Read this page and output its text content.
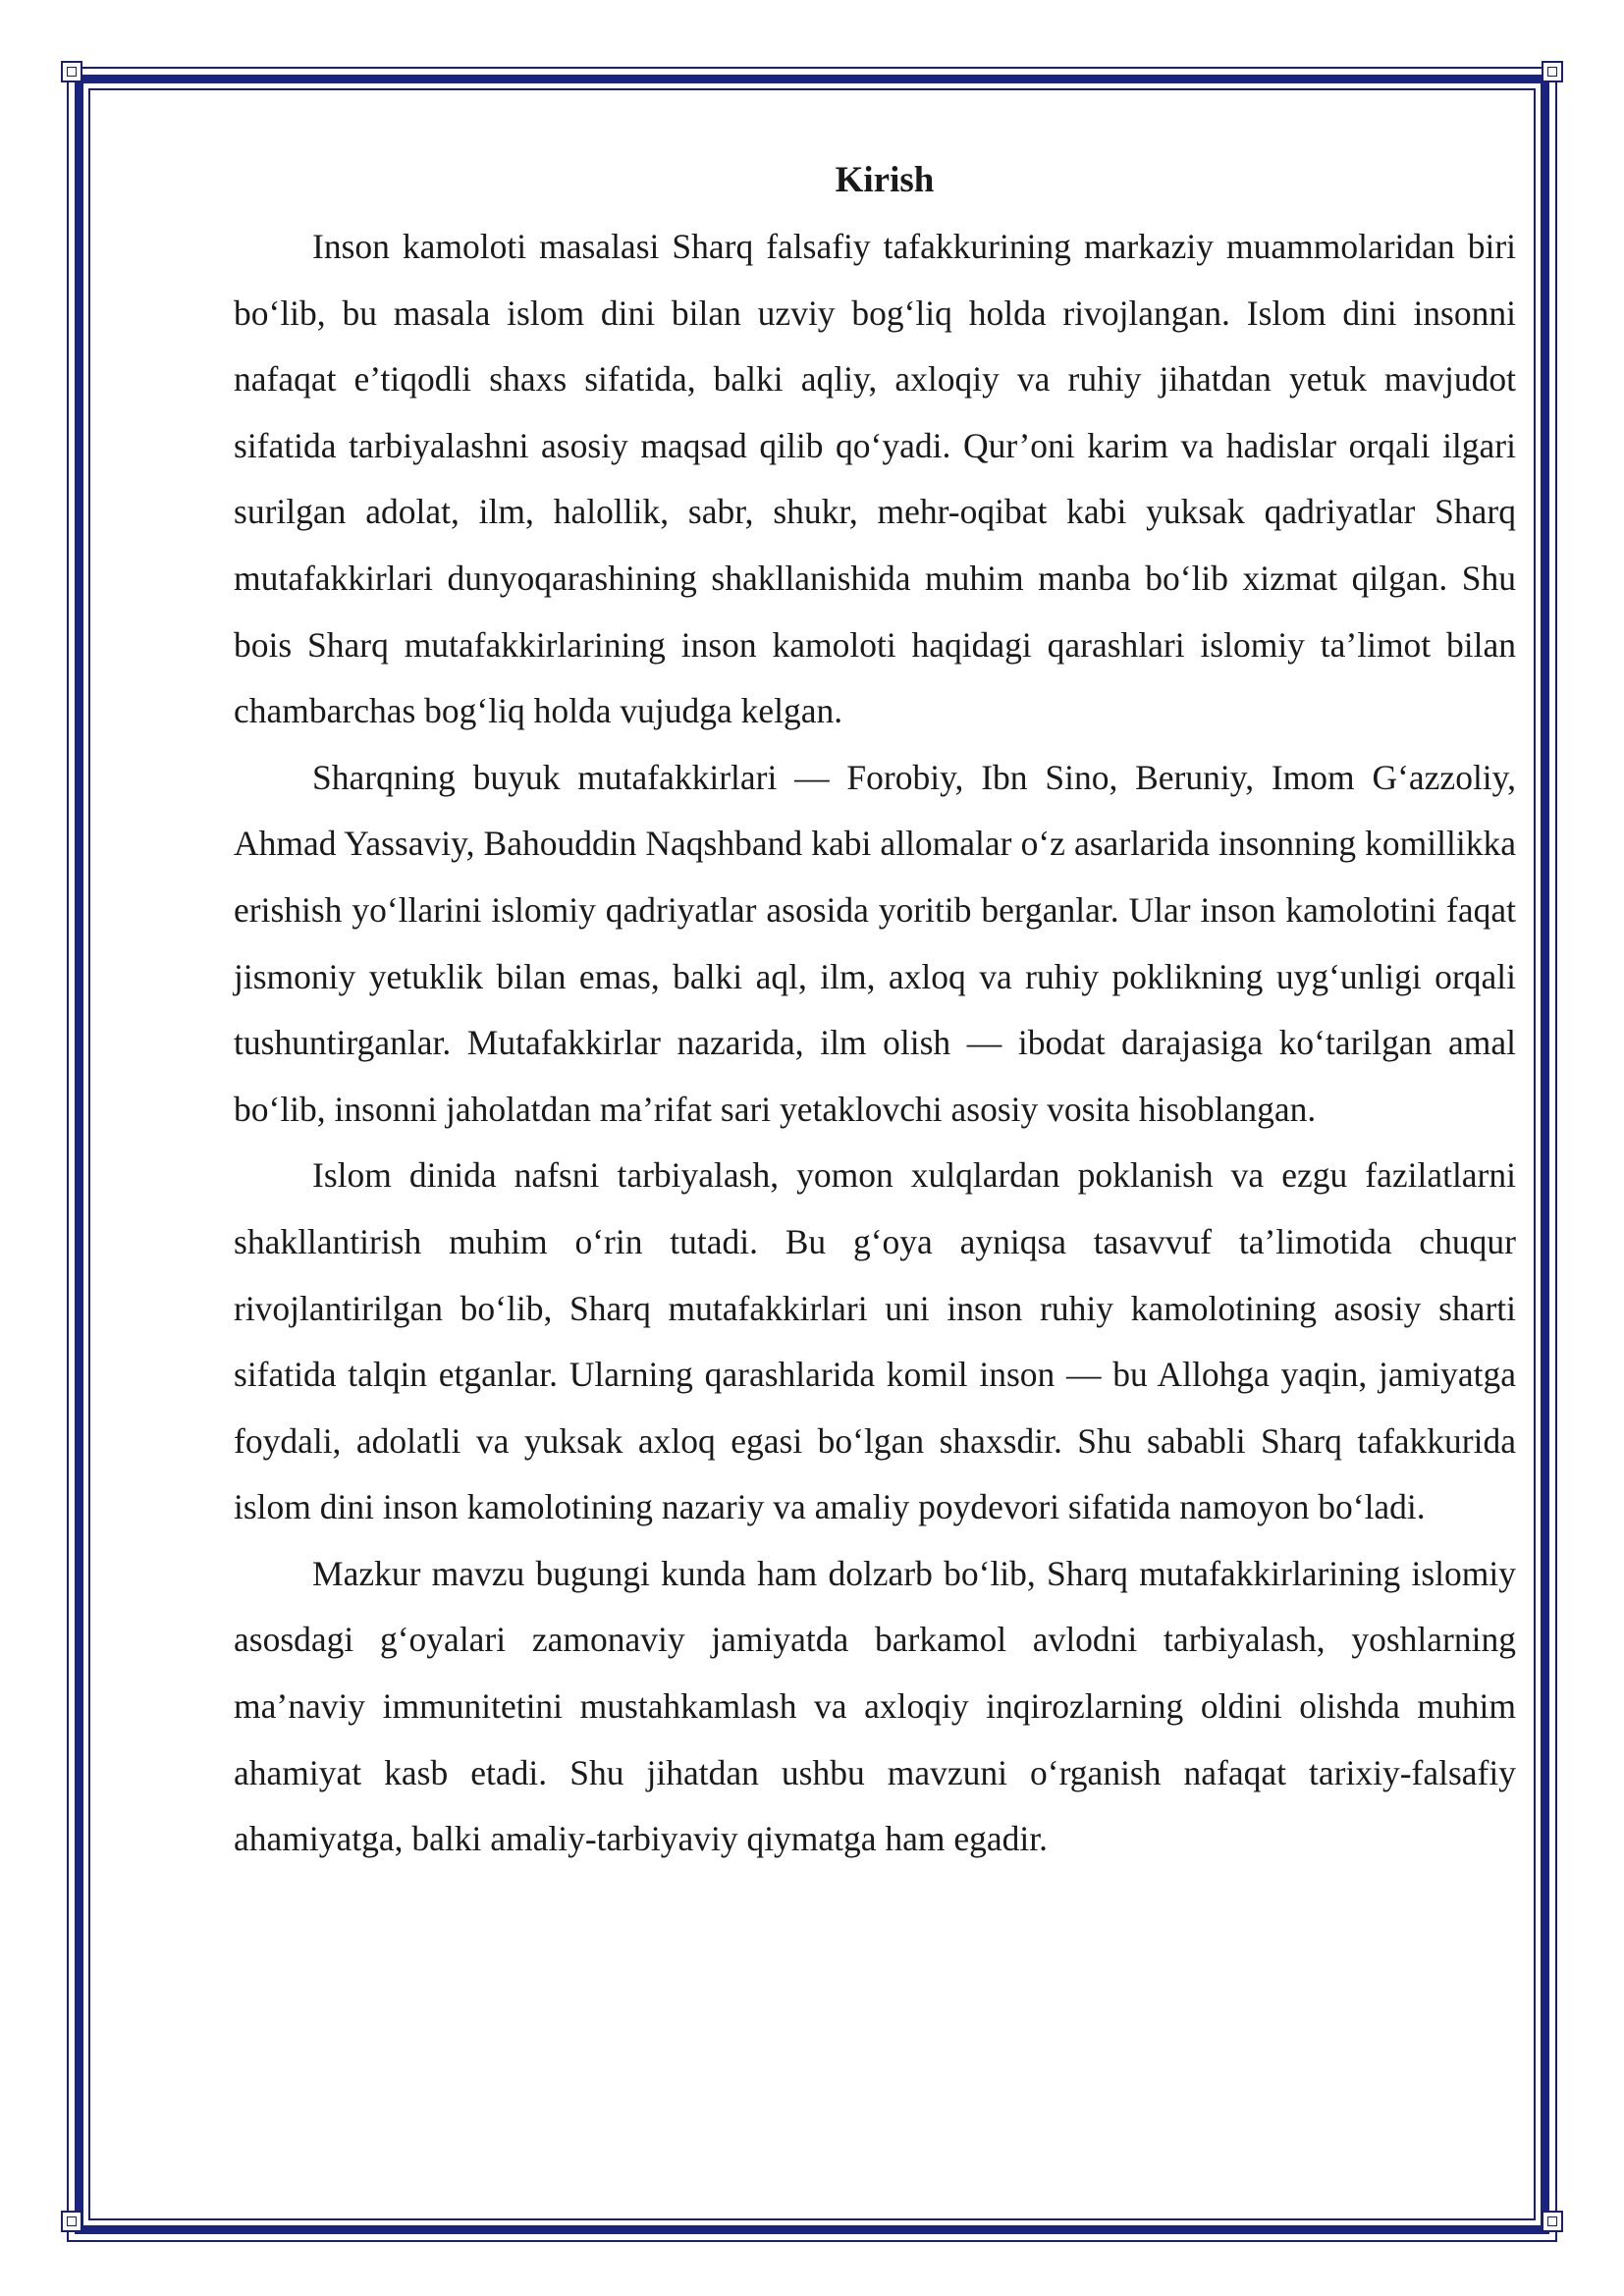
Kirish

Inson kamoloti masalasi Sharq falsafiy tafakkurining markaziy muammolaridan biri bo‘lib, bu masala islom dini bilan uzviy bog‘liq holda rivojlangan. Islom dini insonni nafaqat e’tiqodli shaxs sifatida, balki aqliy, axloqiy va ruhiy jihatdan yetuk mavjudot sifatida tarbiyalashni asosiy maqsad qilib qo‘yadi. Qur’oni karim va hadislar orqali ilgari surilgan adolat, ilm, halollik, sabr, shukr, mehr-oqibat kabi yuksak qadriyatlar Sharq mutafakkirlari dunyoqarashining shakllanishida muhim manba bo‘lib xizmat qilgan. Shu bois Sharq mutafakkirlarining inson kamoloti haqidagi qarashlari islomiy ta’limot bilan chambarchas bog‘liq holda vujudga kelgan.

Sharqning buyuk mutafakkirlari — Forobiy, Ibn Sino, Beruniy, Imom G‘azzoliy, Ahmad Yassaviy, Bahouddin Naqshband kabi allomalar o‘z asarlarida insonning komillikka erishish yo‘llarini islomiy qadriyatlar asosida yoritib berganlar. Ular inson kamolotini faqat jismoniy yetuklik bilan emas, balki aql, ilm, axloq va ruhiy poklikning uyg‘unligi orqali tushuntirganlar. Mutafakkirlar nazarida, ilm olish — ibodat darajasiga ko‘tarilgan amal bo‘lib, insonni jaholatdan ma’rifat sari yetaklovchi asosiy vosita hisoblangan.

Islom dinida nafsni tarbiyalash, yomon xulqlardan poklanish va ezgu fazilatlarni shakllantirish muhim o‘rin tutadi. Bu g‘oya ayniqsa tasavvuf ta’limotida chuqur rivojlantirilgan bo‘lib, Sharq mutafakkirlari uni inson ruhiy kamolotining asosiy sharti sifatida talqin etganlar. Ularning qarashlarida komil inson — bu Allohga yaqin, jamiyatga foydali, adolatli va yuksak axloq egasi bo‘lgan shaxsdir. Shu sababli Sharq tafakkurida islom dini inson kamolotining nazariy va amaliy poydevori sifatida namoyon bo‘ladi.

Mazkur mavzu bugungi kunda ham dolzarb bo‘lib, Sharq mutafakkirlarining islomiy asosdagi g‘oyalari zamonaviy jamiyatda barkamol avlodni tarbiyalash, yoshlarning ma’naviy immunitetini mustahkamlash va axloqiy inqirozlarning oldini olishda muhim ahamiyat kasb etadi. Shu jihatdan ushbu mavzuni o‘rganish nafaqat tarixiy-falsafiy ahamiyatga, balki amaliy-tarbiyaviy qiymatga ham egadir.
